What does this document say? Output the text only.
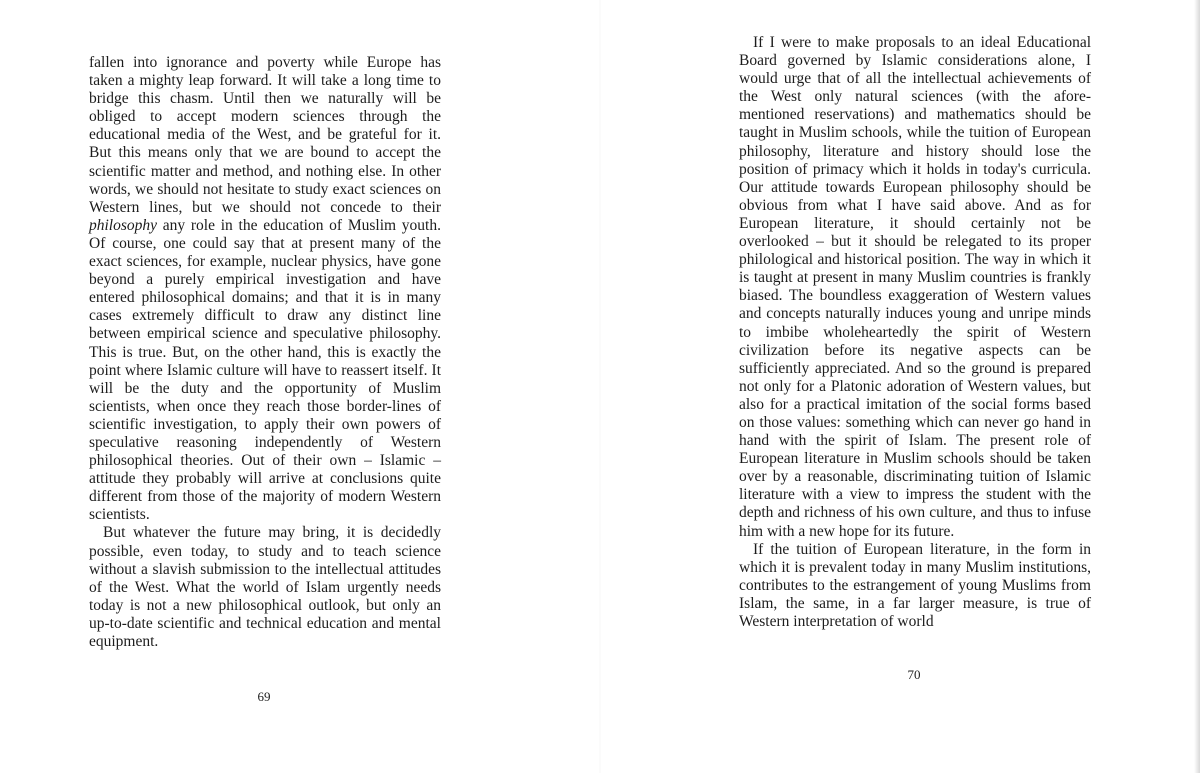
fallen into ignorance and poverty while Europe has taken a mighty leap forward. It will take a long time to bridge this chasm. Until then we naturally will be obliged to accept modern sciences through the educational media of the West, and be grateful for it. But this means only that we are bound to accept the scientific matter and method, and nothing else. In other words, we should not hesitate to study exact sciences on Western lines, but we should not concede to their philosophy any role in the education of Muslim youth. Of course, one could say that at present many of the exact sciences, for example, nuclear physics, have gone beyond a purely empirical investigation and have entered philosophical domains; and that it is in many cases extremely difficult to draw any distinct line between empirical science and speculative philosophy. This is true. But, on the other hand, this is exactly the point where Islamic culture will have to reassert itself. It will be the duty and the opportunity of Muslim scientists, when once they reach those border-lines of scientific investigation, to apply their own powers of speculative reasoning independently of Western philosophical theories. Out of their own – Islamic – attitude they probably will arrive at conclusions quite different from those of the majority of modern Western scientists.

But whatever the future may bring, it is decidedly possible, even today, to study and to teach science without a slavish submission to the intellectual attitudes of the West. What the world of Islam urgently needs today is not a new philosophical outlook, but only an up-to-date scientific and technical education and mental equipment.

69

If I were to make proposals to an ideal Educational Board governed by Islamic considerations alone, I would urge that of all the intellectual achievements of the West only natural sciences (with the afore-mentioned reservations) and mathematics should be taught in Muslim schools, while the tuition of European philosophy, literature and history should lose the position of primacy which it holds in today's curricula. Our attitude towards European philosophy should be obvious from what I have said above. And as for European literature, it should certainly not be overlooked – but it should be relegated to its proper philological and historical position. The way in which it is taught at present in many Muslim countries is frankly biased. The boundless exaggeration of Western values and concepts naturally induces young and unripe minds to imbibe wholeheartedly the spirit of Western civilization before its negative aspects can be sufficiently appreciated. And so the ground is prepared not only for a Platonic adoration of Western values, but also for a practical imitation of the social forms based on those values: something which can never go hand in hand with the spirit of Islam. The present role of European literature in Muslim schools should be taken over by a reasonable, discriminating tuition of Islamic literature with a view to impress the student with the depth and richness of his own culture, and thus to infuse him with a new hope for its future.

If the tuition of European literature, in the form in which it is prevalent today in many Muslim institutions, contributes to the estrangement of young Muslims from Islam, the same, in a far larger measure, is true of Western interpretation of world

70
